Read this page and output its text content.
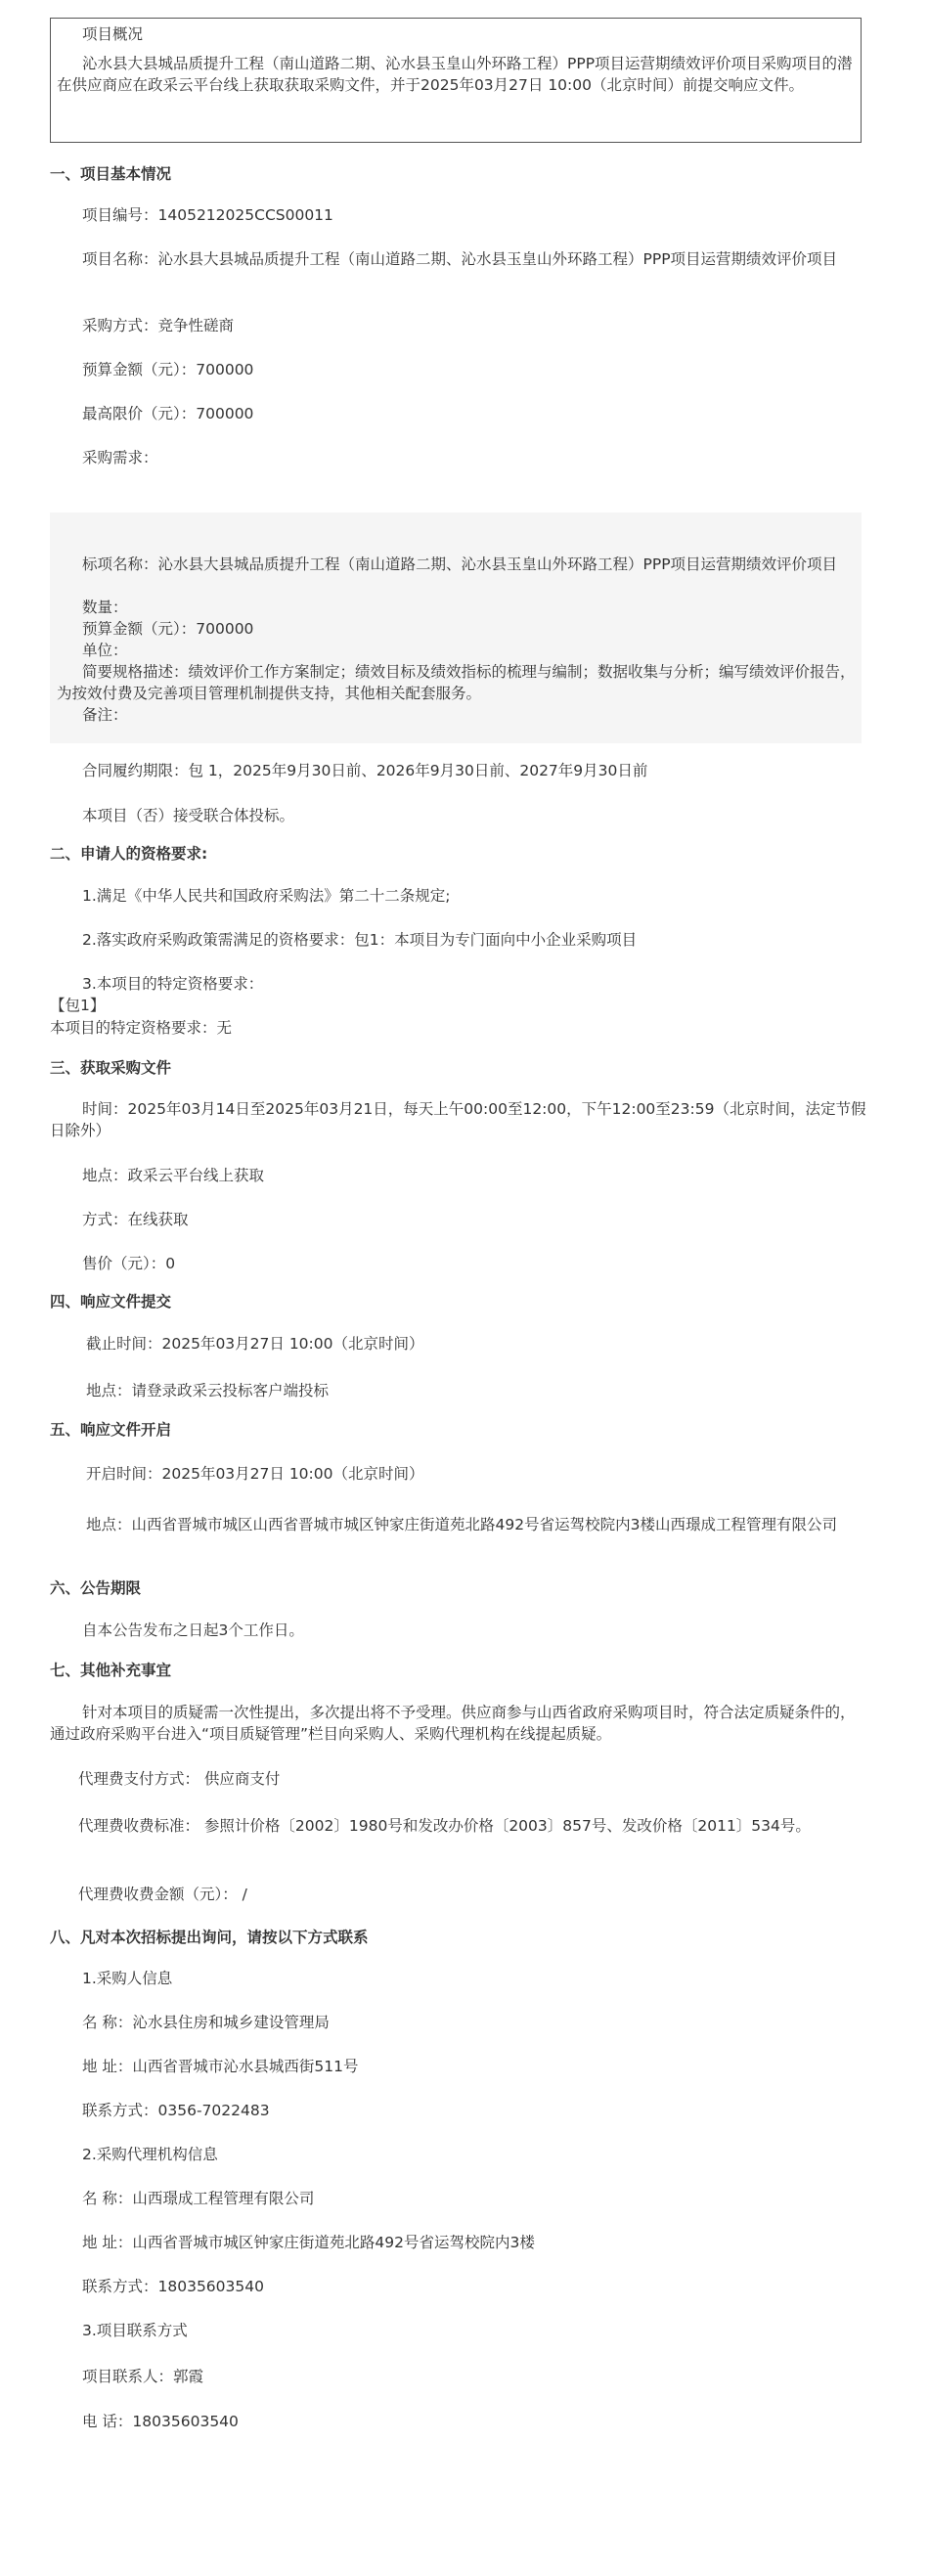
项目概况
沁水县大县城品质提升工程（南山道路二期、沁水县玉皇山外环路工程）PPP项目运营期绩效评价项目采购项目的潜在供应商应在政采云平台线上获取获取采购文件，并于2025年03月27日 10:00（北京时间）前提交响应文件。
一、项目基本情况
项目编号：1405212025CCS00011
项目名称：沁水县大县城品质提升工程（南山道路二期、沁水县玉皇山外环路工程）PPP项目运营期绩效评价项目
采购方式：竞争性磋商
预算金额（元）：700000
最高限价（元）：700000
采购需求：
标项名称：沁水县大县城品质提升工程（南山道路二期、沁水县玉皇山外环路工程）PPP项目运营期绩效评价项目
数量：
预算金额（元）：700000
单位：
简要规格描述：绩效评价工作方案制定；绩效目标及绩效指标的梳理与编制；数据收集与分析；编写绩效评价报告，为按效付费及完善项目管理机制提供支持，其他相关配套服务。
备注：
合同履约期限：包 1，2025年9月30日前、2026年9月30日前、2027年9月30日前
本项目（否）接受联合体投标。
二、申请人的资格要求:
1.满足《中华人民共和国政府采购法》第二十二条规定;
2.落实政府采购政策需满足的资格要求：包1：本项目为专门面向中小企业采购项目
3.本项目的特定资格要求：
【包1】
本项目的特定资格要求：无
三、获取采购文件
时间：2025年03月14日至2025年03月21日，每天上午00:00至12:00，下午12:00至23:59（北京时间，法定节假日除外）
地点：政采云平台线上获取
方式：在线获取
售价（元）：0
四、响应文件提交
截止时间：2025年03月27日 10:00（北京时间）
地点：请登录政采云投标客户端投标
五、响应文件开启
开启时间：2025年03月27日 10:00（北京时间）
地点：山西省晋城市城区山西省晋城市城区钟家庄街道苑北路492号省运驾校院内3楼山西璟成工程管理有限公司
六、公告期限
自本公告发布之日起3个工作日。
七、其他补充事宜
针对本项目的质疑需一次性提出，多次提出将不予受理。供应商参与山西省政府采购项目时，符合法定质疑条件的，通过政府采购平台进入“项目质疑管理”栏目向采购人、采购代理机构在线提起质疑。
代理费支付方式： 供应商支付
代理费收费标准： 参照计价格〔2002〕1980号和发改办价格〔2003〕857号、发改价格〔2011〕534号。
代理费收费金额（元）： /
八、凡对本次招标提出询问，请按以下方式联系
1.采购人信息
名 称：沁水县住房和城乡建设管理局
地 址：山西省晋城市沁水县城西街511号
联系方式：0356-7022483
2.采购代理机构信息
名 称：山西璟成工程管理有限公司
地 址：山西省晋城市城区钟家庄街道苑北路492号省运驾校院内3楼
联系方式：18035603540
3.项目联系方式
项目联系人：郭霞
电 话：18035603540
